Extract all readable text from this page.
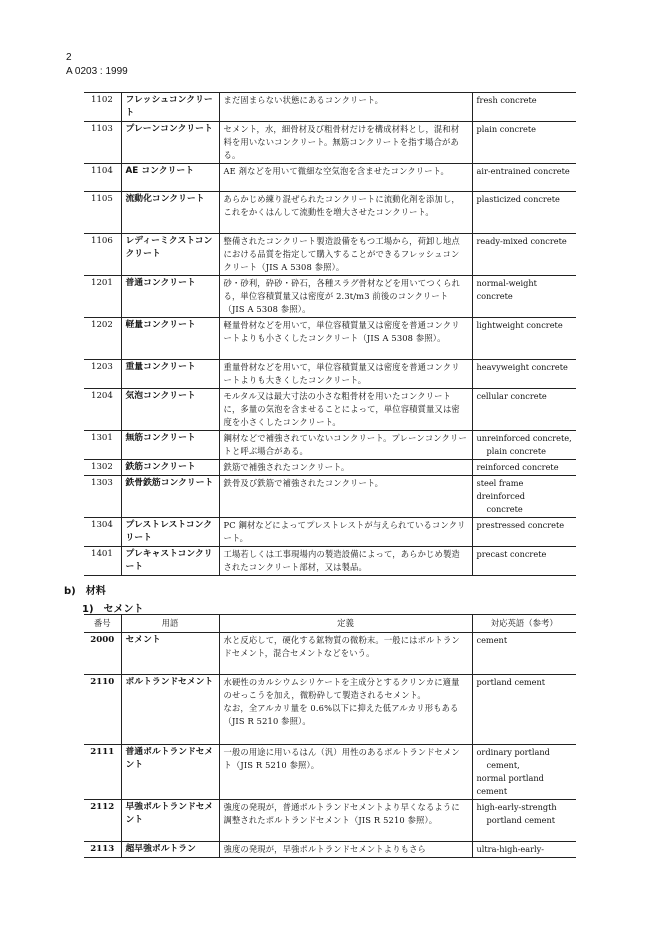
2
A 0203 : 1999
1102	フレッシュコンクリート	まだ固まらない状態にあるコンクリート。	fresh concrete

1103	プレーンコンクリート	セメント，水，細骨材及び粗骨材だけを構成材料とし，混和材料を用いないコンクリート。無筋コンクリートを指す場合がある。	plain concrete

1104	AE コンクリート	AE 剤などを用いて微細な空気泡を含ませたコンクリート。	air-entrained concrete

1105	流動化コンクリート	あらかじめ練り混ぜられたコンクリートに流動化剤を添加し，これをかくはんして流動性を増大させたコンクリート。	plasticized concrete

1106	レディーミクストコンクリート	整備されたコンクリート製造設備をもつ工場から，荷卸し地点における品質を指定して購入することができるフレッシュコンクリート（JIS A 5308 参照）。	ready-mixed concrete

1201	普通コンクリート	砂・砂利，砕砂・砕石，各種スラグ骨材などを用いてつくられる，単位容積質量又は密度が 2.3t/m3 前後のコンクリート（JIS A 5308 参照）。	normal-weight concrete

1202	軽量コンクリート	軽量骨材などを用いて，単位容積質量又は密度を普通コンクリートよりも小さくしたコンクリート（JIS A 5308 参照）。	lightweight concrete

1203	重量コンクリート	重量骨材などを用いて，単位容積質量又は密度を普通コンクリートよりも大きくしたコンクリート。	heavyweight concrete

1204	気泡コンクリート	モルタル又は最大寸法の小さな粗骨材を用いたコンクリートに，多量の気泡を含ませることによって，単位容積質量又は密度を小さくしたコンクリート。	cellular concrete

1301	無筋コンクリート	鋼材などで補強されていないコンクリート。プレーンコンクリートと呼ぶ場合がある。	unreinforced concrete,
plain concrete

1302	鉄筋コンクリート	鉄筋で補強されたコンクリート。	reinforced concrete

1303	鉄骨鉄筋コンクリート	鉄骨及び鉄筋で補強されたコンクリート。	steel frame dreinforced
concrete

1304	プレストレストコンクリート	PC 鋼材などによってプレストレストが与えられているコンクリート。	prestressed concrete

1401	プレキャストコンクリート	工場若しくは工事現場内の製造設備によって，あらかじめ製造されたコンクリート部材，又は製品。	precast concrete
b)　材料
1)　セメント
番号	用語	定義	対応英語（参考）
2000	セメント	水と反応して，硬化する鉱物質の微粉末。一般にはポルトランドセメント，混合セメントなどをいう。	cement

2110	ポルトランドセメント	水硬性のカルシウムシリケートを主成分とするクリンカに適量のせっこうを加え，微粉砕して製造されるセメント。
なお，全アルカリ量を 0.6%以下に抑えた低アルカリ形もある（JIS R 5210 参照）。	portland cement

2111	普通ポルトランドセメント	一般の用途に用いるはん（汎）用性のあるポルトランドセメント（JIS R 5210 参照）。	ordinary portland
cement,
normal portland cement

2112	早強ポルトランドセメント	強度の発現が，普通ポルトランドセメントより早くなるように調整されたポルトランドセメント（JIS R 5210 参照）。	high-early-strength
portland cement

2113	超早強ポルトラン	強度の発現が，早強ポルトランドセメントよりもさら	ultra-high-early-
